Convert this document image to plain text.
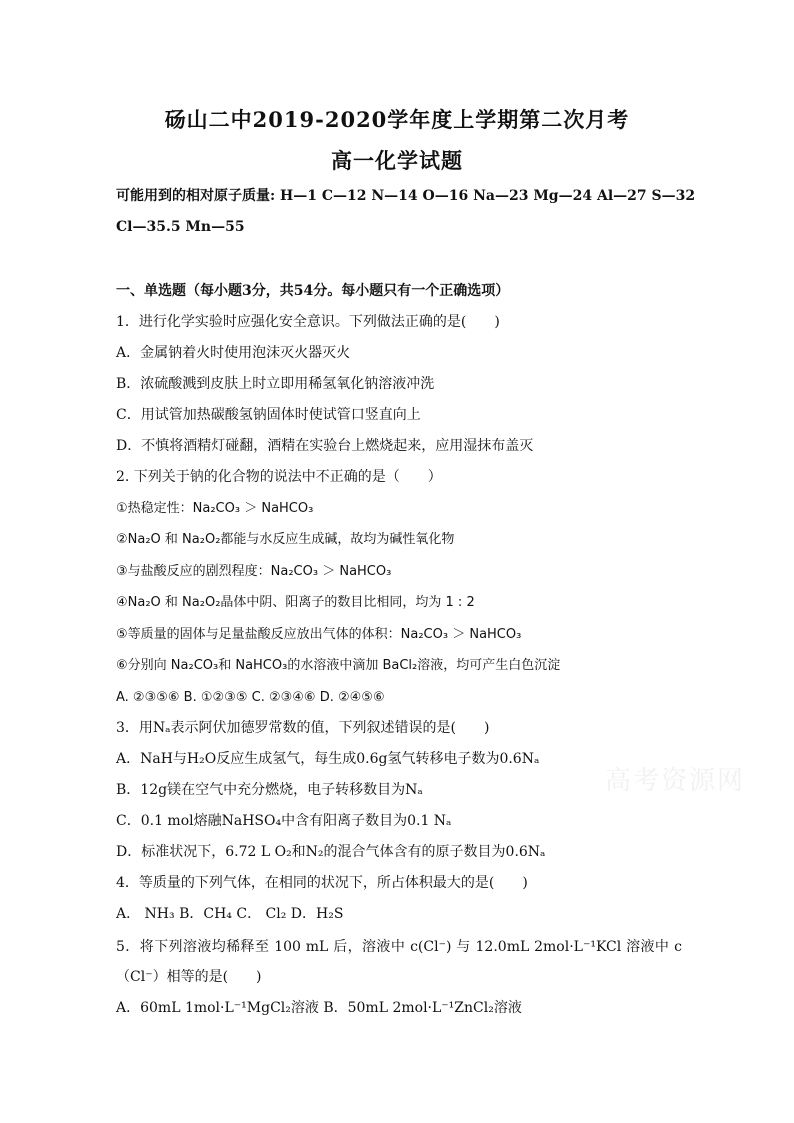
砀山二中2019-2020学年度上学期第二次月考
高一化学试题
可能用到的相对原子质量: H—1 C—12 N—14 O—16 Na—23 Mg—24 Al—27 S—32
Cl—35.5 Mn—55
一、单选题（每小题3分，共54分。每小题只有一个正确选项）
1．进行化学实验时应强化安全意识。下列做法正确的是(　　)
A．金属钠着火时使用泡沫灭火器灭火
B．浓硫酸溅到皮肤上时立即用稀氢氧化钠溶液冲洗
C．用试管加热碳酸氢钠固体时使试管口竖直向上
D．不慎将酒精灯碰翻，酒精在实验台上燃烧起来，应用湿抹布盖灭
2. 下列关于钠的化合物的说法中不正确的是（　　）
①热稳定性：Na₂CO₃ ＞ NaHCO₃
②Na₂O 和 Na₂O₂都能与水反应生成碱，故均为碱性氧化物
③与盐酸反应的剧烈程度：Na₂CO₃ ＞ NaHCO₃
④Na₂O 和 Na₂O₂晶体中阴、阳离子的数目比相同，均为 1 : 2
⑤等质量的固体与足量盐酸反应放出气体的体积：Na₂CO₃ ＞ NaHCO₃
⑥分别向 Na₂CO₃和 NaHCO₃的水溶液中滴加 BaCl₂溶液，均可产生白色沉淀
A. ②③⑤⑥ B. ①②③⑤ C. ②③④⑥ D. ②④⑤⑥
3．用Nₐ表示阿伏加德罗常数的值，下列叙述错误的是(　　)
A．NaH与H₂O反应生成氢气，每生成0.6g氢气转移电子数为0.6Nₐ
B．12g镁在空气中充分燃烧，电子转移数目为Nₐ
C．0.1 mol熔融NaHSO₄中含有阳离子数目为0.1 Nₐ
D．标准状况下，6.72 L O₂和N₂的混合气体含有的原子数目为0.6Nₐ
4．等质量的下列气体，在相同的状况下，所占体积最大的是(　　)
A． NH₃ B．CH₄ C． Cl₂ D．H₂S
5．将下列溶液均稀释至 100 mL 后，溶液中 c(Cl⁻) 与 12.0mL 2mol·L⁻¹KCl 溶液中 c
（Cl⁻）相等的是(　　)
A．60mL 1mol·L⁻¹MgCl₂溶液 B．50mL 2mol·L⁻¹ZnCl₂溶液
高考资源网
